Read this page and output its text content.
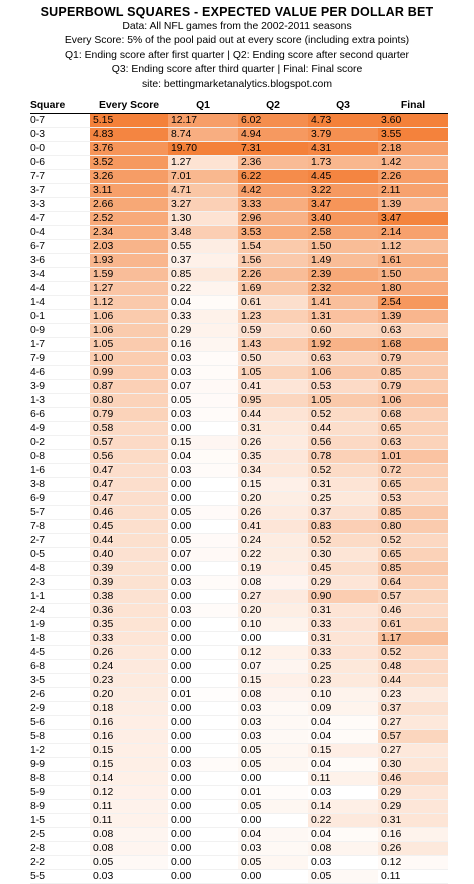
SUPERBOWL SQUARES - EXPECTED VALUE PER DOLLAR BET
Data: All NFL games from the 2002-2011 seasons
Every Score: 5% of the pool paid out at every score (including extra points)
Q1: Ending score after first quarter | Q2: Ending score after second quarter
Q3: Ending score after third quarter | Final: Final score
site: bettingmarketanalytics.blogspot.com
Square	Every Score	Q1	Q2	Q3	Final
0-7	5.15	12.17	6.02	4.73	3.60
0-3	4.83	8.74	4.94	3.79	3.55
0-0	3.76	19.70	7.31	4.31	2.18
0-6	3.52	1.27	2.36	1.73	1.42
7-7	3.26	7.01	6.22	4.45	2.26
3-7	3.11	4.71	4.42	3.22	2.11
3-3	2.66	3.27	3.33	3.47	1.39
4-7	2.52	1.30	2.96	3.40	3.47
0-4	2.34	3.48	3.53	2.58	2.14
6-7	2.03	0.55	1.54	1.50	1.12
3-6	1.93	0.37	1.56	1.49	1.61
3-4	1.59	0.85	2.26	2.39	1.50
4-4	1.27	0.22	1.69	2.32	1.80
1-4	1.12	0.04	0.61	1.41	2.54
0-1	1.06	0.33	1.23	1.31	1.39
0-9	1.06	0.29	0.59	0.60	0.63
1-7	1.05	0.16	1.43	1.92	1.68
7-9	1.00	0.03	0.50	0.63	0.79
4-6	0.99	0.03	1.05	1.06	0.85
3-9	0.87	0.07	0.41	0.53	0.79
1-3	0.80	0.05	0.95	1.05	1.06
6-6	0.79	0.03	0.44	0.52	0.68
4-9	0.58	0.00	0.31	0.44	0.65
0-2	0.57	0.15	0.26	0.56	0.63
0-8	0.56	0.04	0.35	0.78	1.01
1-6	0.47	0.03	0.34	0.52	0.72
3-8	0.47	0.00	0.15	0.31	0.65
6-9	0.47	0.00	0.20	0.25	0.53
5-7	0.46	0.05	0.26	0.37	0.85
7-8	0.45	0.00	0.41	0.83	0.80
2-7	0.44	0.05	0.24	0.52	0.52
0-5	0.40	0.07	0.22	0.30	0.65
4-8	0.39	0.00	0.19	0.45	0.85
2-3	0.39	0.03	0.08	0.29	0.64
1-1	0.38	0.00	0.27	0.90	0.57
2-4	0.36	0.03	0.20	0.31	0.46
1-9	0.35	0.00	0.10	0.33	0.61
1-8	0.33	0.00	0.00	0.31	1.17
4-5	0.26	0.00	0.12	0.33	0.52
6-8	0.24	0.00	0.07	0.25	0.48
3-5	0.23	0.00	0.15	0.23	0.44
2-6	0.20	0.01	0.08	0.10	0.23
2-9	0.18	0.00	0.03	0.09	0.37
5-6	0.16	0.00	0.03	0.04	0.27
5-8	0.16	0.00	0.03	0.04	0.57
1-2	0.15	0.00	0.05	0.15	0.27
9-9	0.15	0.03	0.05	0.04	0.30
8-8	0.14	0.00	0.00	0.11	0.46
5-9	0.12	0.00	0.01	0.03	0.29
8-9	0.11	0.00	0.05	0.14	0.29
1-5	0.11	0.00	0.00	0.22	0.31
2-5	0.08	0.00	0.04	0.04	0.16
2-8	0.08	0.00	0.03	0.08	0.26
2-2	0.05	0.00	0.05	0.03	0.12
5-5	0.03	0.00	0.00	0.05	0.11
